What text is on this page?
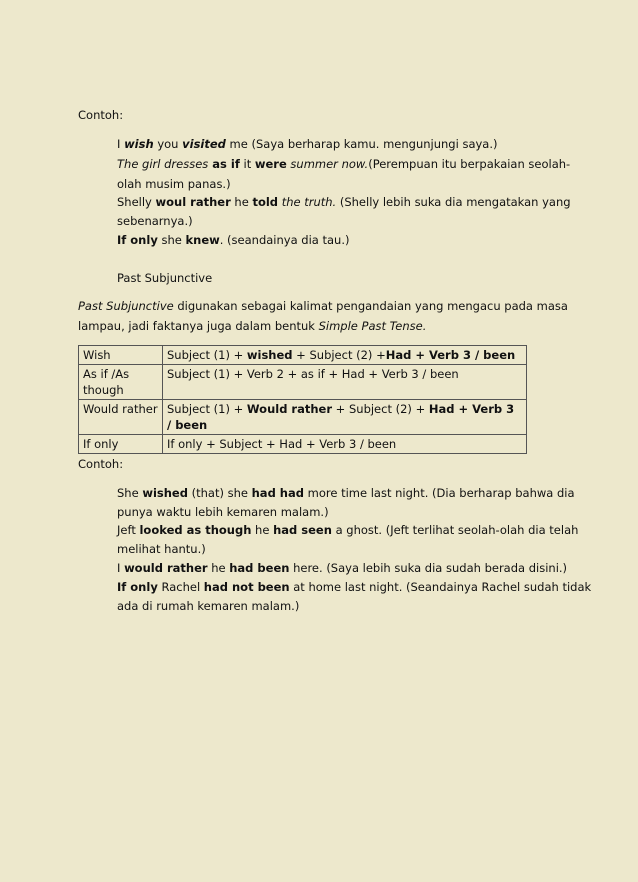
Contoh:
I wish you visited me (Saya berharap kamu. mengunjungi saya.)
The girl dresses as if it were summer now.(Perempuan itu berpakaian seolah-
olah musim panas.)
Shelly woul rather he told the truth. (Shelly lebih suka dia mengatakan yang
sebenarnya.)
If only she knew. (seandainya dia tau.)
Past Subjunctive
Past Subjunctive digunakan sebagai kalimat pengandaian yang mengacu pada masa
lampau, jadi faktanya juga dalam bentuk Simple Past Tense.
Wish	Subject (1) + wished + Subject (2) +Had + Verb 3 / been
As if /As though	Subject (1) + Verb 2 + as if + Had + Verb 3 / been
Would rather	Subject (1) + Would rather + Subject (2) + Had + Verb 3 / been
If only	If only + Subject + Had + Verb 3 / been
Contoh:
She wished (that) she had had more time last night. (Dia berharap bahwa dia
punya waktu lebih kemaren malam.)
Jeft looked as though he had seen a ghost. (Jeft terlihat seolah-olah dia telah
melihat hantu.)
I would rather he had been here. (Saya lebih suka dia sudah berada disini.)
If only Rachel had not been at home last night. (Seandainya Rachel sudah tidak
ada di rumah kemaren malam.)
